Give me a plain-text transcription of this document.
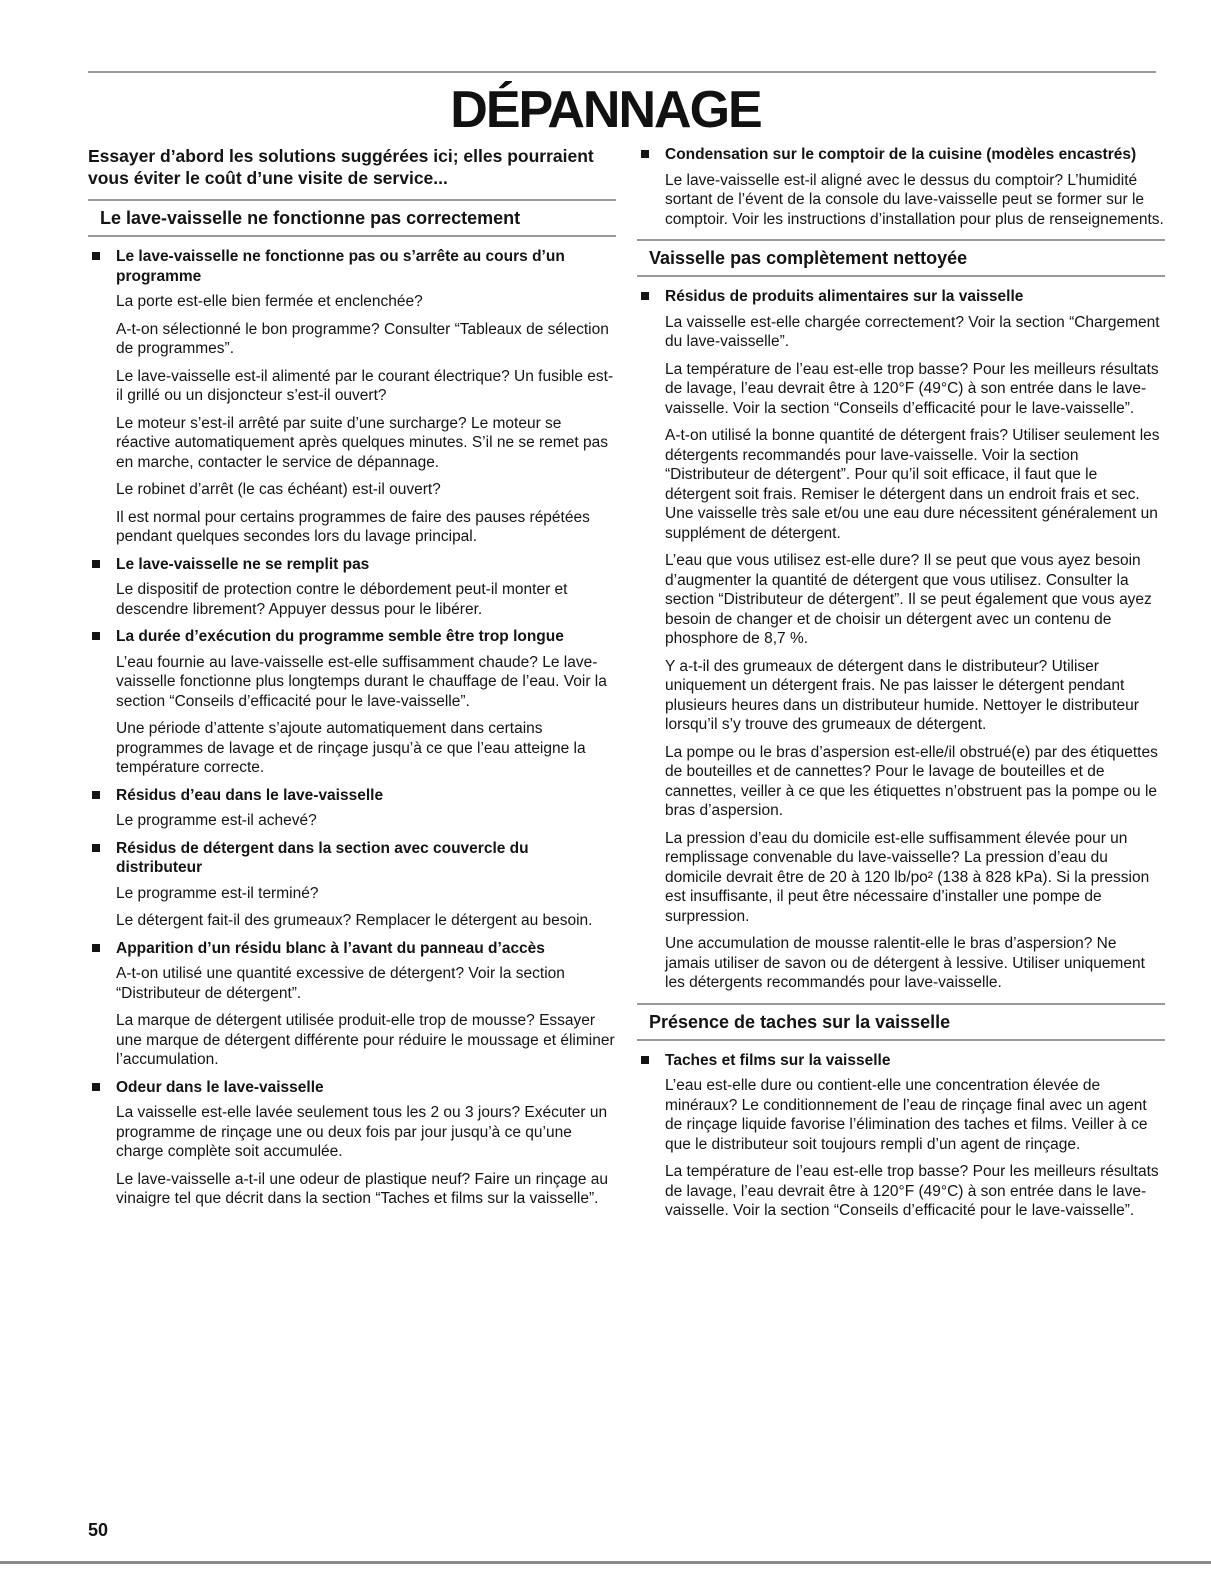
DÉPANNAGE
Essayer d’abord les solutions suggérées ici; elles pourraient vous éviter le coût d’une visite de service...
Le lave-vaisselle ne fonctionne pas correctement
Le lave-vaisselle ne fonctionne pas ou s’arrête au cours d’un programme

La porte est-elle bien fermée et enclenchée?

A-t-on sélectionné le bon programme? Consulter “Tableaux de sélection de programmes”.

Le lave-vaisselle est-il alimenté par le courant électrique? Un fusible est-il grillé ou un disjoncteur s’est-il ouvert?

Le moteur s’est-il arrêté par suite d’une surcharge? Le moteur se réactive automatiquement après quelques minutes. S’il ne se remet pas en marche, contacter le service de dépannage.

Le robinet d’arrêt (le cas échéant) est-il ouvert?

Il est normal pour certains programmes de faire des pauses répétées pendant quelques secondes lors du lavage principal.

Le lave-vaisselle ne se remplit pas

Le dispositif de protection contre le débordement peut-il monter et descendre librement? Appuyer dessus pour le libérer.

La durée d’exécution du programme semble être trop longue

L’eau fournie au lave-vaisselle est-elle suffisamment chaude? Le lave-vaisselle fonctionne plus longtemps durant le chauffage de l’eau. Voir la section “Conseils d’efficacité pour le lave-vaisselle”.

Une période d’attente s’ajoute automatiquement dans certains programmes de lavage et de rinçage jusqu’à ce que l’eau atteigne la température correcte.

Résidus d’eau dans le lave-vaisselle

Le programme est-il achevé?

Résidus de détergent dans la section avec couvercle du distributeur

Le programme est-il terminé?

Le détergent fait-il des grumeaux? Remplacer le détergent au besoin.

Apparition d’un résidu blanc à l’avant du panneau d’accès

A-t-on utilisé une quantité excessive de détergent? Voir la section “Distributeur de détergent”.

La marque de détergent utilisée produit-elle trop de mousse? Essayer une marque de détergent différente pour réduire le moussage et éliminer l’accumulation.

Odeur dans le lave-vaisselle

La vaisselle est-elle lavée seulement tous les 2 ou 3 jours? Exécuter un programme de rinçage une ou deux fois par jour jusqu’à ce qu’une charge complète soit accumulée.

Le lave-vaisselle a-t-il une odeur de plastique neuf? Faire un rinçage au vinaigre tel que décrit dans la section “Taches et films sur la vaisselle”.

Condensation sur le comptoir de la cuisine (modèles encastrés)

Le lave-vaisselle est-il aligné avec le dessus du comptoir? L’humidité sortant de l’évent de la console du lave-vaisselle peut se former sur le comptoir. Voir les instructions d’installation pour plus de renseignements.

Vaisselle pas complètement nettoyée
Résidus de produits alimentaires sur la vaisselle

La vaisselle est-elle chargée correctement? Voir la section “Chargement du lave-vaisselle”.

La température de l’eau est-elle trop basse? Pour les meilleurs résultats de lavage, l’eau devrait être à 120°F (49°C) à son entrée dans le lave-vaisselle. Voir la section “Conseils d’efficacité pour le lave-vaisselle”.

A-t-on utilisé la bonne quantité de détergent frais? Utiliser seulement les détergents recommandés pour lave-vaisselle. Voir la section “Distributeur de détergent”. Pour qu’il soit efficace, il faut que le détergent soit frais. Remiser le détergent dans un endroit frais et sec. Une vaisselle très sale et/ou une eau dure nécessitent généralement un supplément de détergent.

L’eau que vous utilisez est-elle dure? Il se peut que vous ayez besoin d’augmenter la quantité de détergent que vous utilisez. Consulter la section “Distributeur de détergent”. Il se peut également que vous ayez besoin de changer et de choisir un détergent avec un contenu de phosphore de 8,7 %.

Y a-t-il des grumeaux de détergent dans le distributeur? Utiliser uniquement un détergent frais. Ne pas laisser le détergent pendant plusieurs heures dans un distributeur humide. Nettoyer le distributeur lorsqu’il s’y trouve des grumeaux de détergent.

La pompe ou le bras d’aspersion est-elle/il obstrué(e) par des étiquettes de bouteilles et de cannettes? Pour le lavage de bouteilles et de cannettes, veiller à ce que les étiquettes n’obstruent pas la pompe ou le bras d’aspersion.

La pression d’eau du domicile est-elle suffisamment élevée pour un remplissage convenable du lave-vaisselle? La pression d’eau du domicile devrait être de 20 à 120 lb/po² (138 à 828 kPa). Si la pression est insuffisante, il peut être nécessaire d’installer une pompe de surpression.

Une accumulation de mousse ralentit-elle le bras d’aspersion? Ne jamais utiliser de savon ou de détergent à lessive. Utiliser uniquement les détergents recommandés pour lave-vaisselle.

Présence de taches sur la vaisselle
Taches et films sur la vaisselle

L’eau est-elle dure ou contient-elle une concentration élevée de minéraux? Le conditionnement de l’eau de rinçage final avec un agent de rinçage liquide favorise l’élimination des taches et films. Veiller à ce que le distributeur soit toujours rempli d’un agent de rinçage.

La température de l’eau est-elle trop basse? Pour les meilleurs résultats de lavage, l’eau devrait être à 120°F (49°C) à son entrée dans le lave-vaisselle. Voir la section “Conseils d’efficacité pour le lave-vaisselle”.

50
